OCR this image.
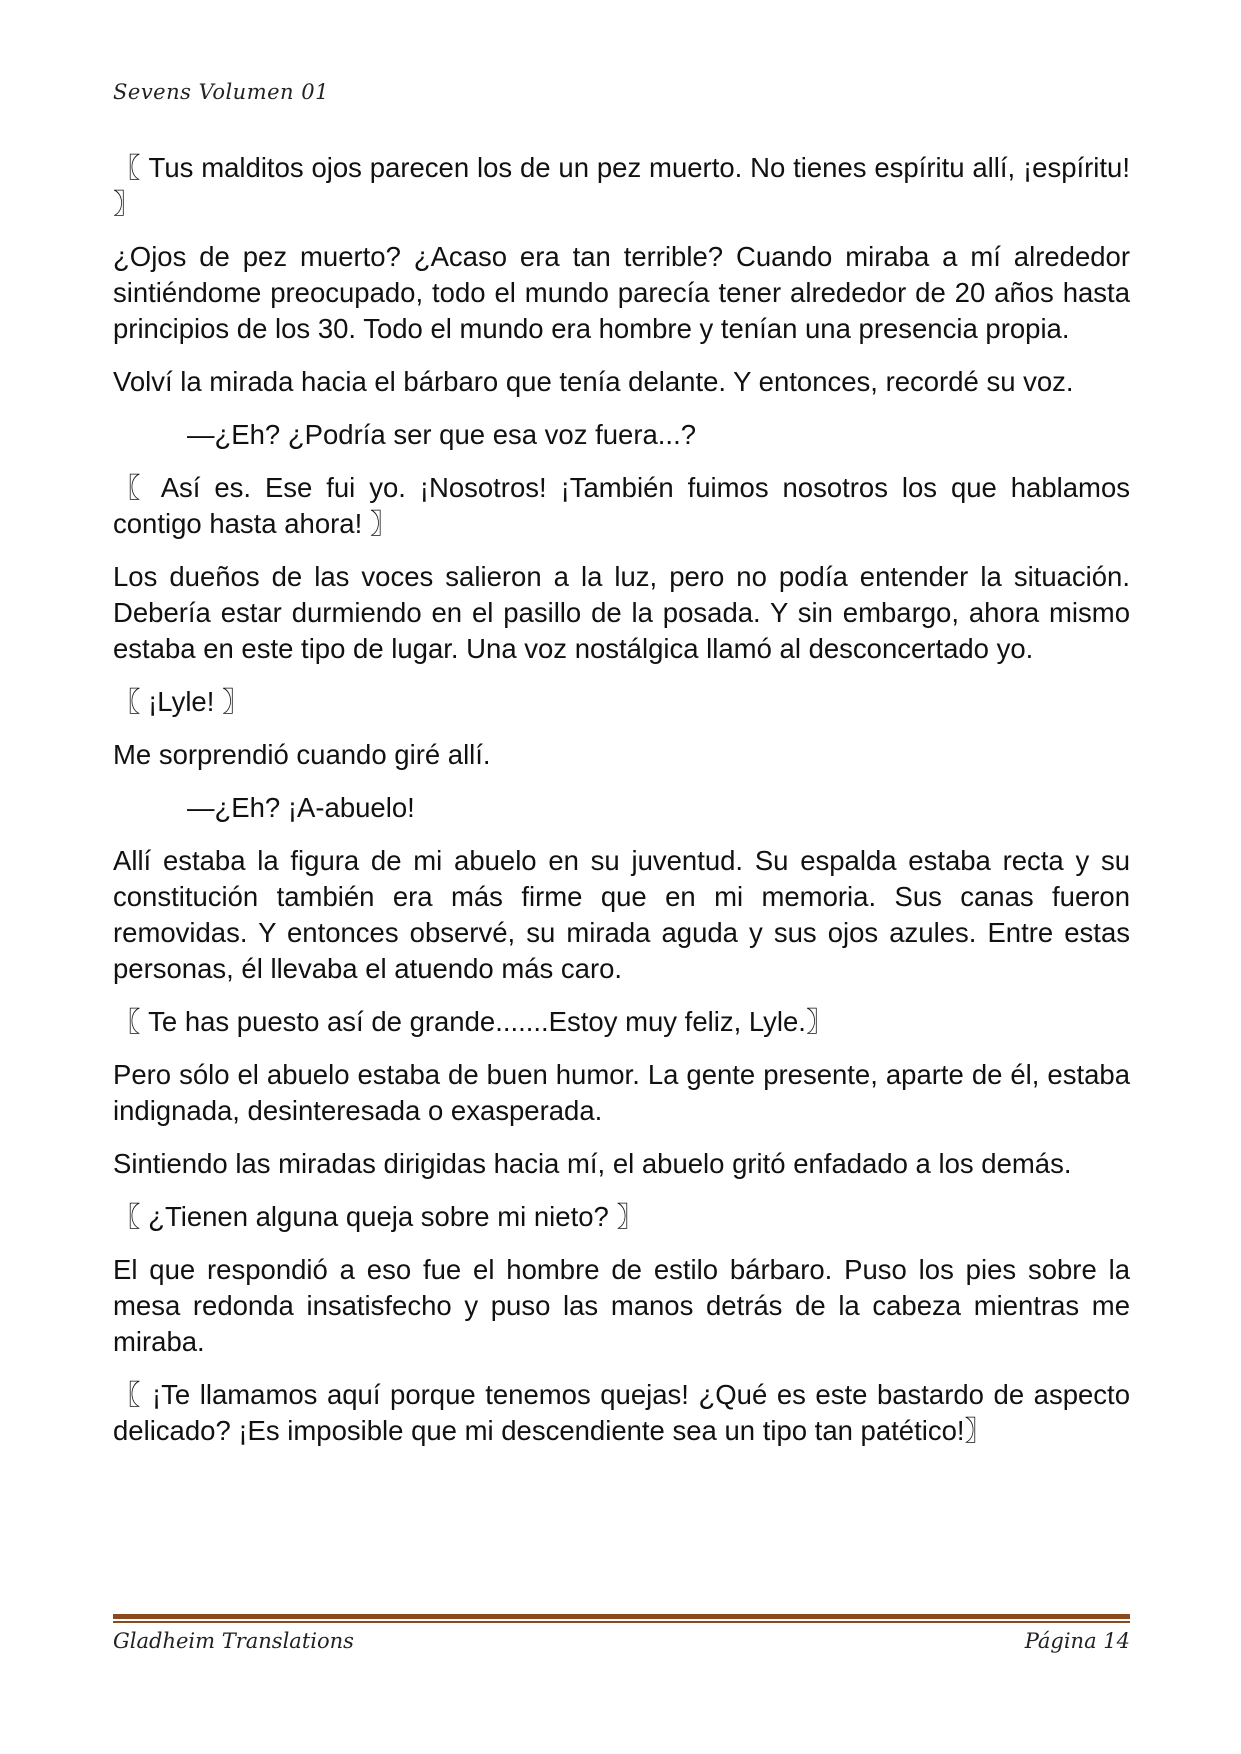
Sevens Volumen 01

〖 Tus malditos ojos parecen los de un pez muerto. No tienes espíritu allí, ¡espíritu! 〗

¿Ojos de pez muerto? ¿Acaso era tan terrible? Cuando miraba a mí alrededor sintiéndome preocupado, todo el mundo parecía tener alrededor de 20 años hasta principios de los 30. Todo el mundo era hombre y tenían una presencia propia.

Volví la mirada hacia el bárbaro que tenía delante. Y entonces, recordé su voz.

—¿Eh? ¿Podría ser que esa voz fuera...?

〖 Así es. Ese fui yo. ¡Nosotros! ¡También fuimos nosotros los que hablamos contigo hasta ahora! 〗

Los dueños de las voces salieron a la luz, pero no podía entender la situación. Debería estar durmiendo en el pasillo de la posada. Y sin embargo, ahora mismo estaba en este tipo de lugar. Una voz nostálgica llamó al desconcertado yo.

〖 ¡Lyle! 〗

Me sorprendió cuando giré allí.

—¿Eh? ¡A-abuelo!

Allí estaba la figura de mi abuelo en su juventud. Su espalda estaba recta y su constitución también era más firme que en mi memoria. Sus canas fueron removidas. Y entonces observé, su mirada aguda y sus ojos azules. Entre estas personas, él llevaba el atuendo más caro.

〖 Te has puesto así de grande.......Estoy muy feliz, Lyle.〗

Pero sólo el abuelo estaba de buen humor. La gente presente, aparte de él, estaba indignada, desinteresada o exasperada.

Sintiendo las miradas dirigidas hacia mí, el abuelo gritó enfadado a los demás.

〖 ¿Tienen alguna queja sobre mi nieto? 〗

El que respondió a eso fue el hombre de estilo bárbaro. Puso los pies sobre la mesa redonda insatisfecho y puso las manos detrás de la cabeza mientras me miraba.

〖 ¡Te llamamos aquí porque tenemos quejas! ¿Qué es este bastardo de aspecto delicado? ¡Es imposible que mi descendiente sea un tipo tan patético!〗

Gladheim Translations	Página 14
